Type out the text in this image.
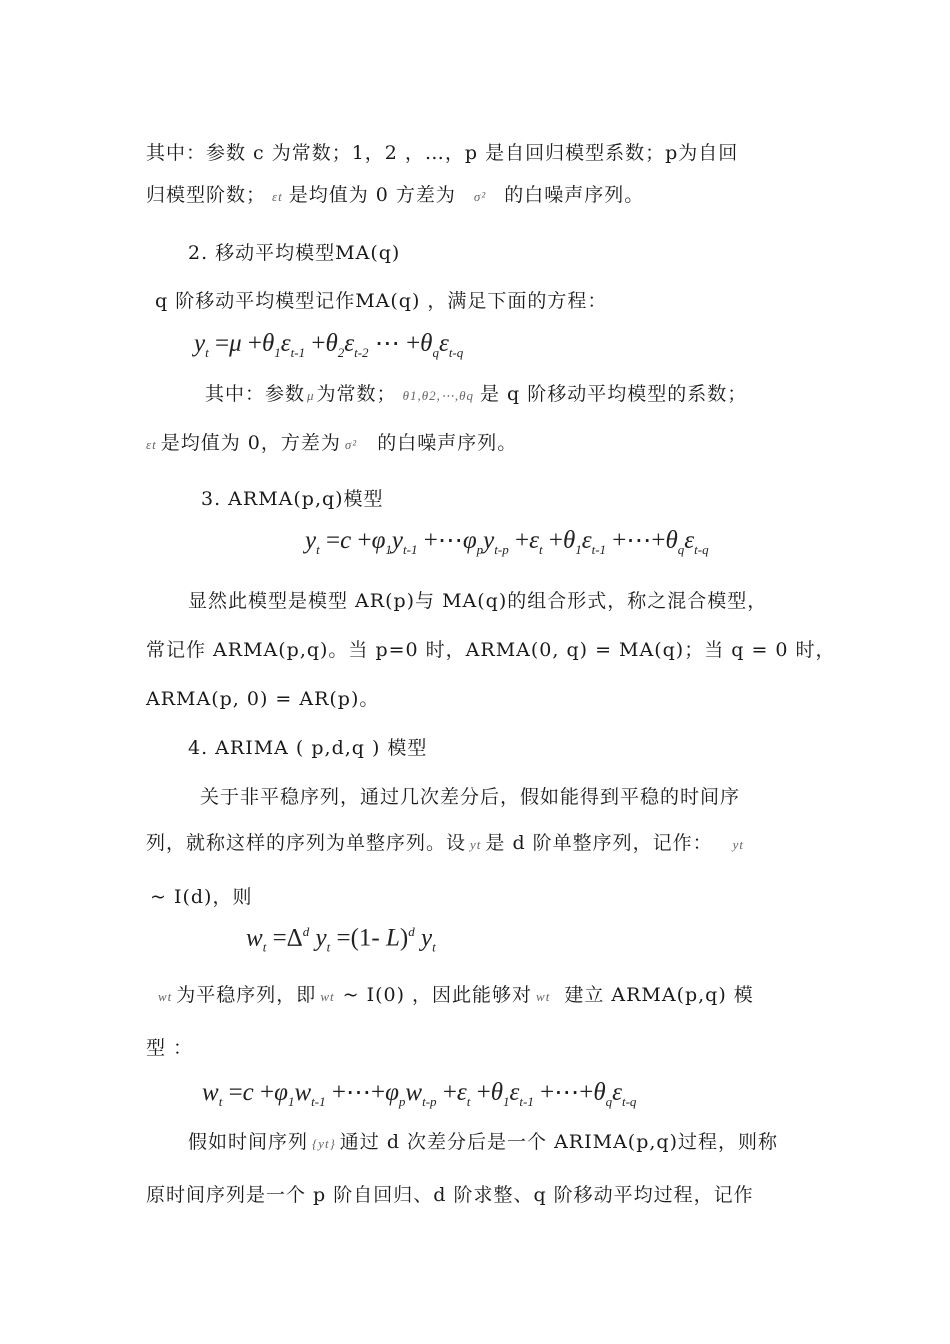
其中：参数 c 为常数；1，2 ，…，p 是自回归模型系数；p为自回
归模型阶数； εt 是均值为 0 方差为 σ² 的白噪声序列。
2. 移动平均模型MA(q)
q 阶移动平均模型记作MA(q) ，满足下面的方程：
$y_t =\mu +\theta_1\varepsilon_{t-1} +\theta_2\varepsilon_{t-2}$ ⋯ $+\theta_q\varepsilon_{t-q}$
其中：参数 μ 为常数； θ1,θ2,⋯,θq 是 q 阶移动平均模型的系数；
εt 是均值为 0，方差为 σ² 的白噪声序列。
3. ARMA(p,q)模型
$y_t =c +\varphi_1y_{t-1}$ $+\cdots\varphi_py_{t-p} +\varepsilon_t +\theta_1\varepsilon_{t-1}$ $+\cdots+\theta_q\varepsilon_{t-q}$
显然此模型是模型 AR(p)与 MA(q)的组合形式，称之混合模型，
常记作 ARMA(p,q)。当 p=0 时，ARMA(0, q) = MA(q)；当 q = 0 时，
ARMA(p, 0) = AR(p)。
4. ARIMA ( p,d,q ) 模型
关于非平稳序列，通过几次差分后，假如能得到平稳的时间序
列，就称这样的序列为单整序列。设 yt 是 d 阶单整序列，记作： yt
~ I(d)，则
$w_t =\Delta^d$ $y_t =(1-$ L)$^d$ $y_t$
wt 为平稳序列，即 wt ~ I(0) ，因此能够对 wt 建立 ARMA(p,q) 模
型 ：
$w_t =c +\varphi_1w_{t-1}$ $+\cdots+\varphi_pw_{t-p} +\varepsilon_t +\theta_1\varepsilon_{t-1}$ $+\cdots+\theta_q\varepsilon_{t-q}$
假如时间序列 {yt} 通过 d 次差分后是一个 ARIMA(p,q)过程，则称
原时间序列是一个 p 阶自回归、d 阶求整、q 阶移动平均过程，记作
